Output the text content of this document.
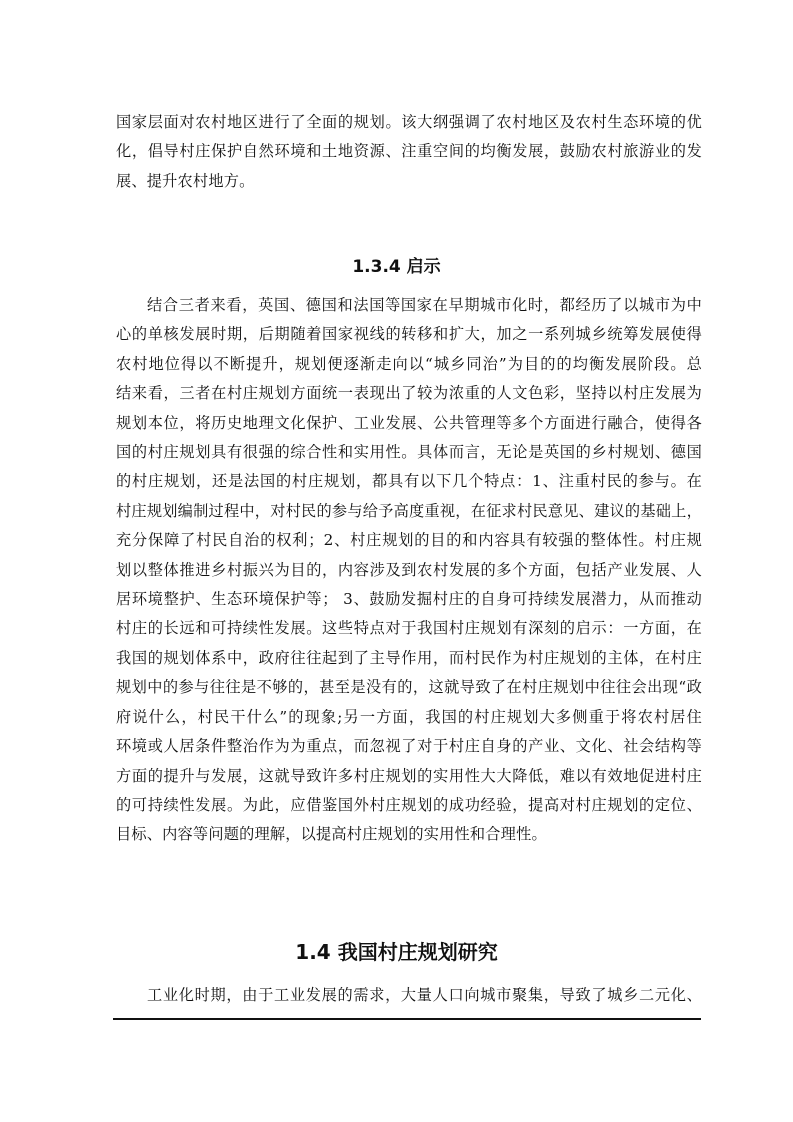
国家层面对农村地区进行了全面的规划。该大纲强调了农村地区及农村生态环境的优
化，倡导村庄保护自然环境和土地资源、注重空间的均衡发展，鼓励农村旅游业的发
展、提升农村地方。
1.3.4 启示
结合三者来看，英国、德国和法国等国家在早期城市化时，都经历了以城市为中
心的单核发展时期，后期随着国家视线的转移和扩大，加之一系列城乡统筹发展使得
农村地位得以不断提升，规划便逐渐走向以“城乡同治”为目的的均衡发展阶段。总
结来看，三者在村庄规划方面统一表现出了较为浓重的人文色彩，坚持以村庄发展为
规划本位，将历史地理文化保护、工业发展、公共管理等多个方面进行融合，使得各
国的村庄规划具有很强的综合性和实用性。具体而言，无论是英国的乡村规划、德国
的村庄规划，还是法国的村庄规划，都具有以下几个特点：1、注重村民的参与。在
村庄规划编制过程中，对村民的参与给予高度重视，在征求村民意见、建议的基础上，
充分保障了村民自治的权利；2、村庄规划的目的和内容具有较强的整体性。村庄规
划以整体推进乡村振兴为目的，内容涉及到农村发展的多个方面，包括产业发展、人
居环境整护、生态环境保护等； 3、鼓励发掘村庄的自身可持续发展潜力，从而推动
村庄的长远和可持续性发展。这些特点对于我国村庄规划有深刻的启示：一方面，在
我国的规划体系中，政府往往起到了主导作用，而村民作为村庄规划的主体，在村庄
规划中的参与往往是不够的，甚至是没有的，这就导致了在村庄规划中往往会出现“政
府说什么，村民干什么”的现象;另一方面，我国的村庄规划大多侧重于将农村居住
环境或人居条件整治作为为重点，而忽视了对于村庄自身的产业、文化、社会结构等
方面的提升与发展，这就导致许多村庄规划的实用性大大降低，难以有效地促进村庄
的可持续性发展。为此，应借鉴国外村庄规划的成功经验，提高对村庄规划的定位、
目标、内容等问题的理解，以提高村庄规划的实用性和合理性。
1.4 我国村庄规划研究
工业化时期，由于工业发展的需求，大量人口向城市聚集，导致了城乡二元化、
